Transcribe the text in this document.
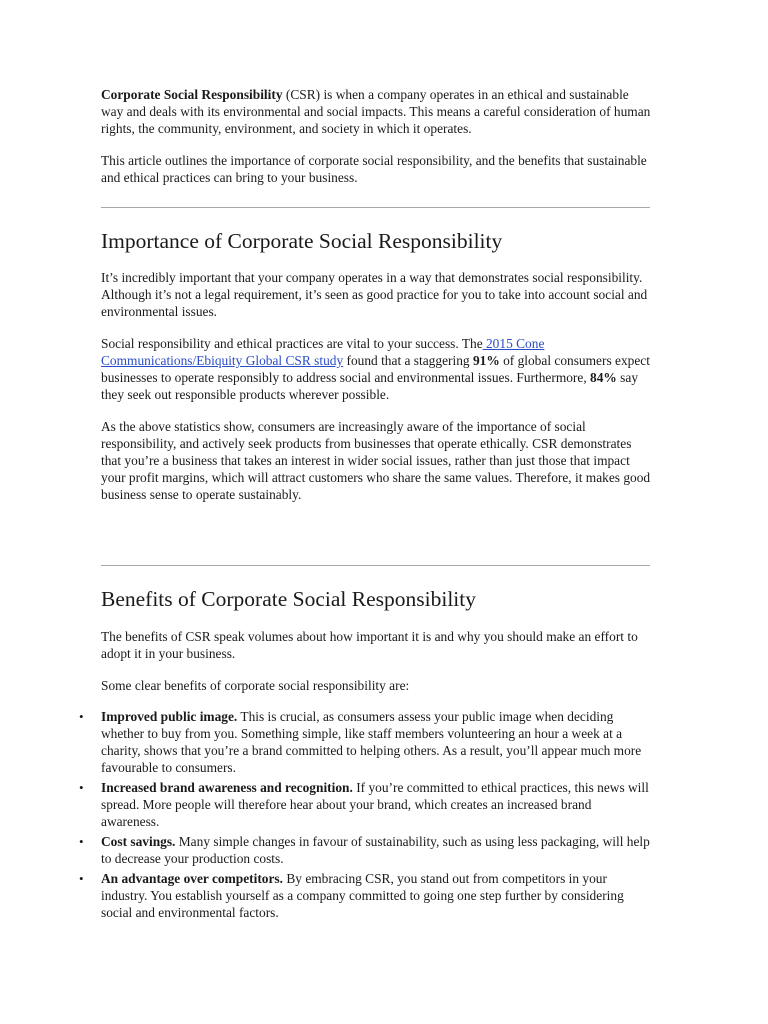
Corporate Social Responsibility (CSR) is when a company operates in an ethical and sustainable way and deals with its environmental and social impacts. This means a careful consideration of human rights, the community, environment, and society in which it operates.

This article outlines the importance of corporate social responsibility, and the benefits that sustainable and ethical practices can bring to your business.

Importance of Corporate Social Responsibility

It’s incredibly important that your company operates in a way that demonstrates social responsibility. Although it’s not a legal requirement, it’s seen as good practice for you to take into account social and environmental issues.

Social responsibility and ethical practices are vital to your success. The 2015 Cone Communications/Ebiquity Global CSR study found that a staggering 91% of global consumers expect businesses to operate responsibly to address social and environmental issues. Furthermore, 84% say they seek out responsible products wherever possible.

As the above statistics show, consumers are increasingly aware of the importance of social responsibility, and actively seek products from businesses that operate ethically. CSR demonstrates that you’re a business that takes an interest in wider social issues, rather than just those that impact your profit margins, which will attract customers who share the same values. Therefore, it makes good business sense to operate sustainably.

Benefits of Corporate Social Responsibility

The benefits of CSR speak volumes about how important it is and why you should make an effort to adopt it in your business.

Some clear benefits of corporate social responsibility are:

• Improved public image. This is crucial, as consumers assess your public image when deciding whether to buy from you. Something simple, like staff members volunteering an hour a week at a charity, shows that you’re a brand committed to helping others. As a result, you’ll appear much more favourable to consumers.
• Increased brand awareness and recognition. If you’re committed to ethical practices, this news will spread. More people will therefore hear about your brand, which creates an increased brand awareness.
• Cost savings. Many simple changes in favour of sustainability, such as using less packaging, will help to decrease your production costs.
• An advantage over competitors. By embracing CSR, you stand out from competitors in your industry. You establish yourself as a company committed to going one step further by considering social and environmental factors.
